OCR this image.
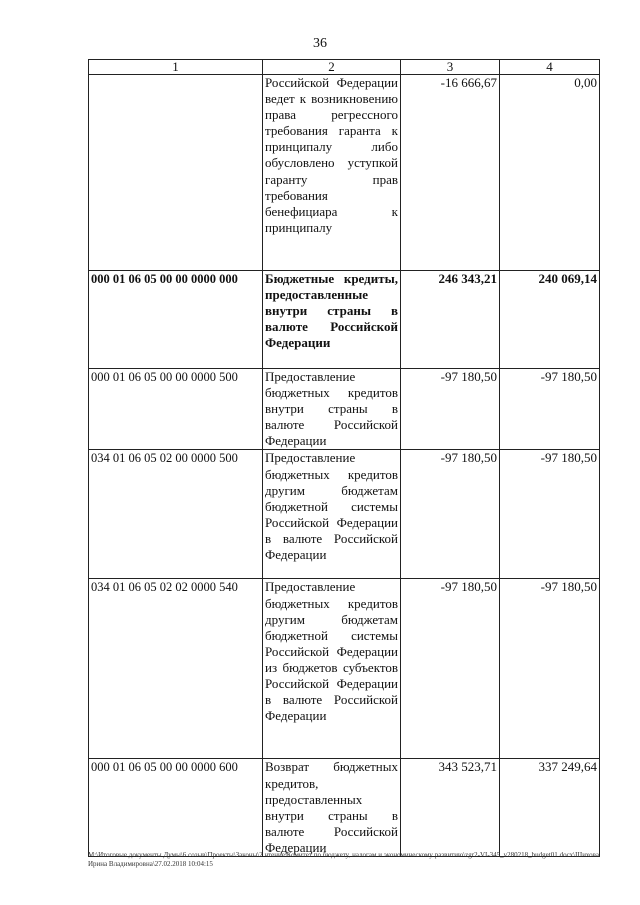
36
1	2	3	4
	Российской Федерации ведет к возникновению права регрессного требования гаранта к принципалу либо обусловлено уступкой гаранту прав требования бенефициара к принципалу	-16 666,67	0,00
000 01 06 05 00 00 0000 000	Бюджетные кредиты, предоставленные внутри страны в валюте Российской Федерации	246 343,21	240 069,14
000 01 06 05 00 00 0000 500	Предоставление бюджетных кредитов внутри страны в валюте Российской Федерации	-97 180,50	-97 180,50
034 01 06 05 02 00 0000 500	Предоставление бюджетных кредитов другим бюджетам бюджетной системы Российской Федерации в валюте Российской Федерации	-97 180,50	-97 180,50
034 01 06 05 02 02 0000 540	Предоставление бюджетных кредитов другим бюджетам бюджетной системы Российской Федерации из бюджетов субъектов Российской Федерации в валюте Российской Федерации	-97 180,50	-97 180,50
000 01 06 05 00 00 0000 600	Возврат бюджетных кредитов, предоставленных внутри страны в валюте Российской Федерации	343 523,71	337 249,64
M:\Итоговые документы Думы\6 созыв\Проекты\Законы\2 чтение\Комитет по бюджету, налогам и экономическому развитию\zgr2-VI-345_v280218_budget01 docx\Шихова Ирина Владимировна\27.02.2018 10:04:15
